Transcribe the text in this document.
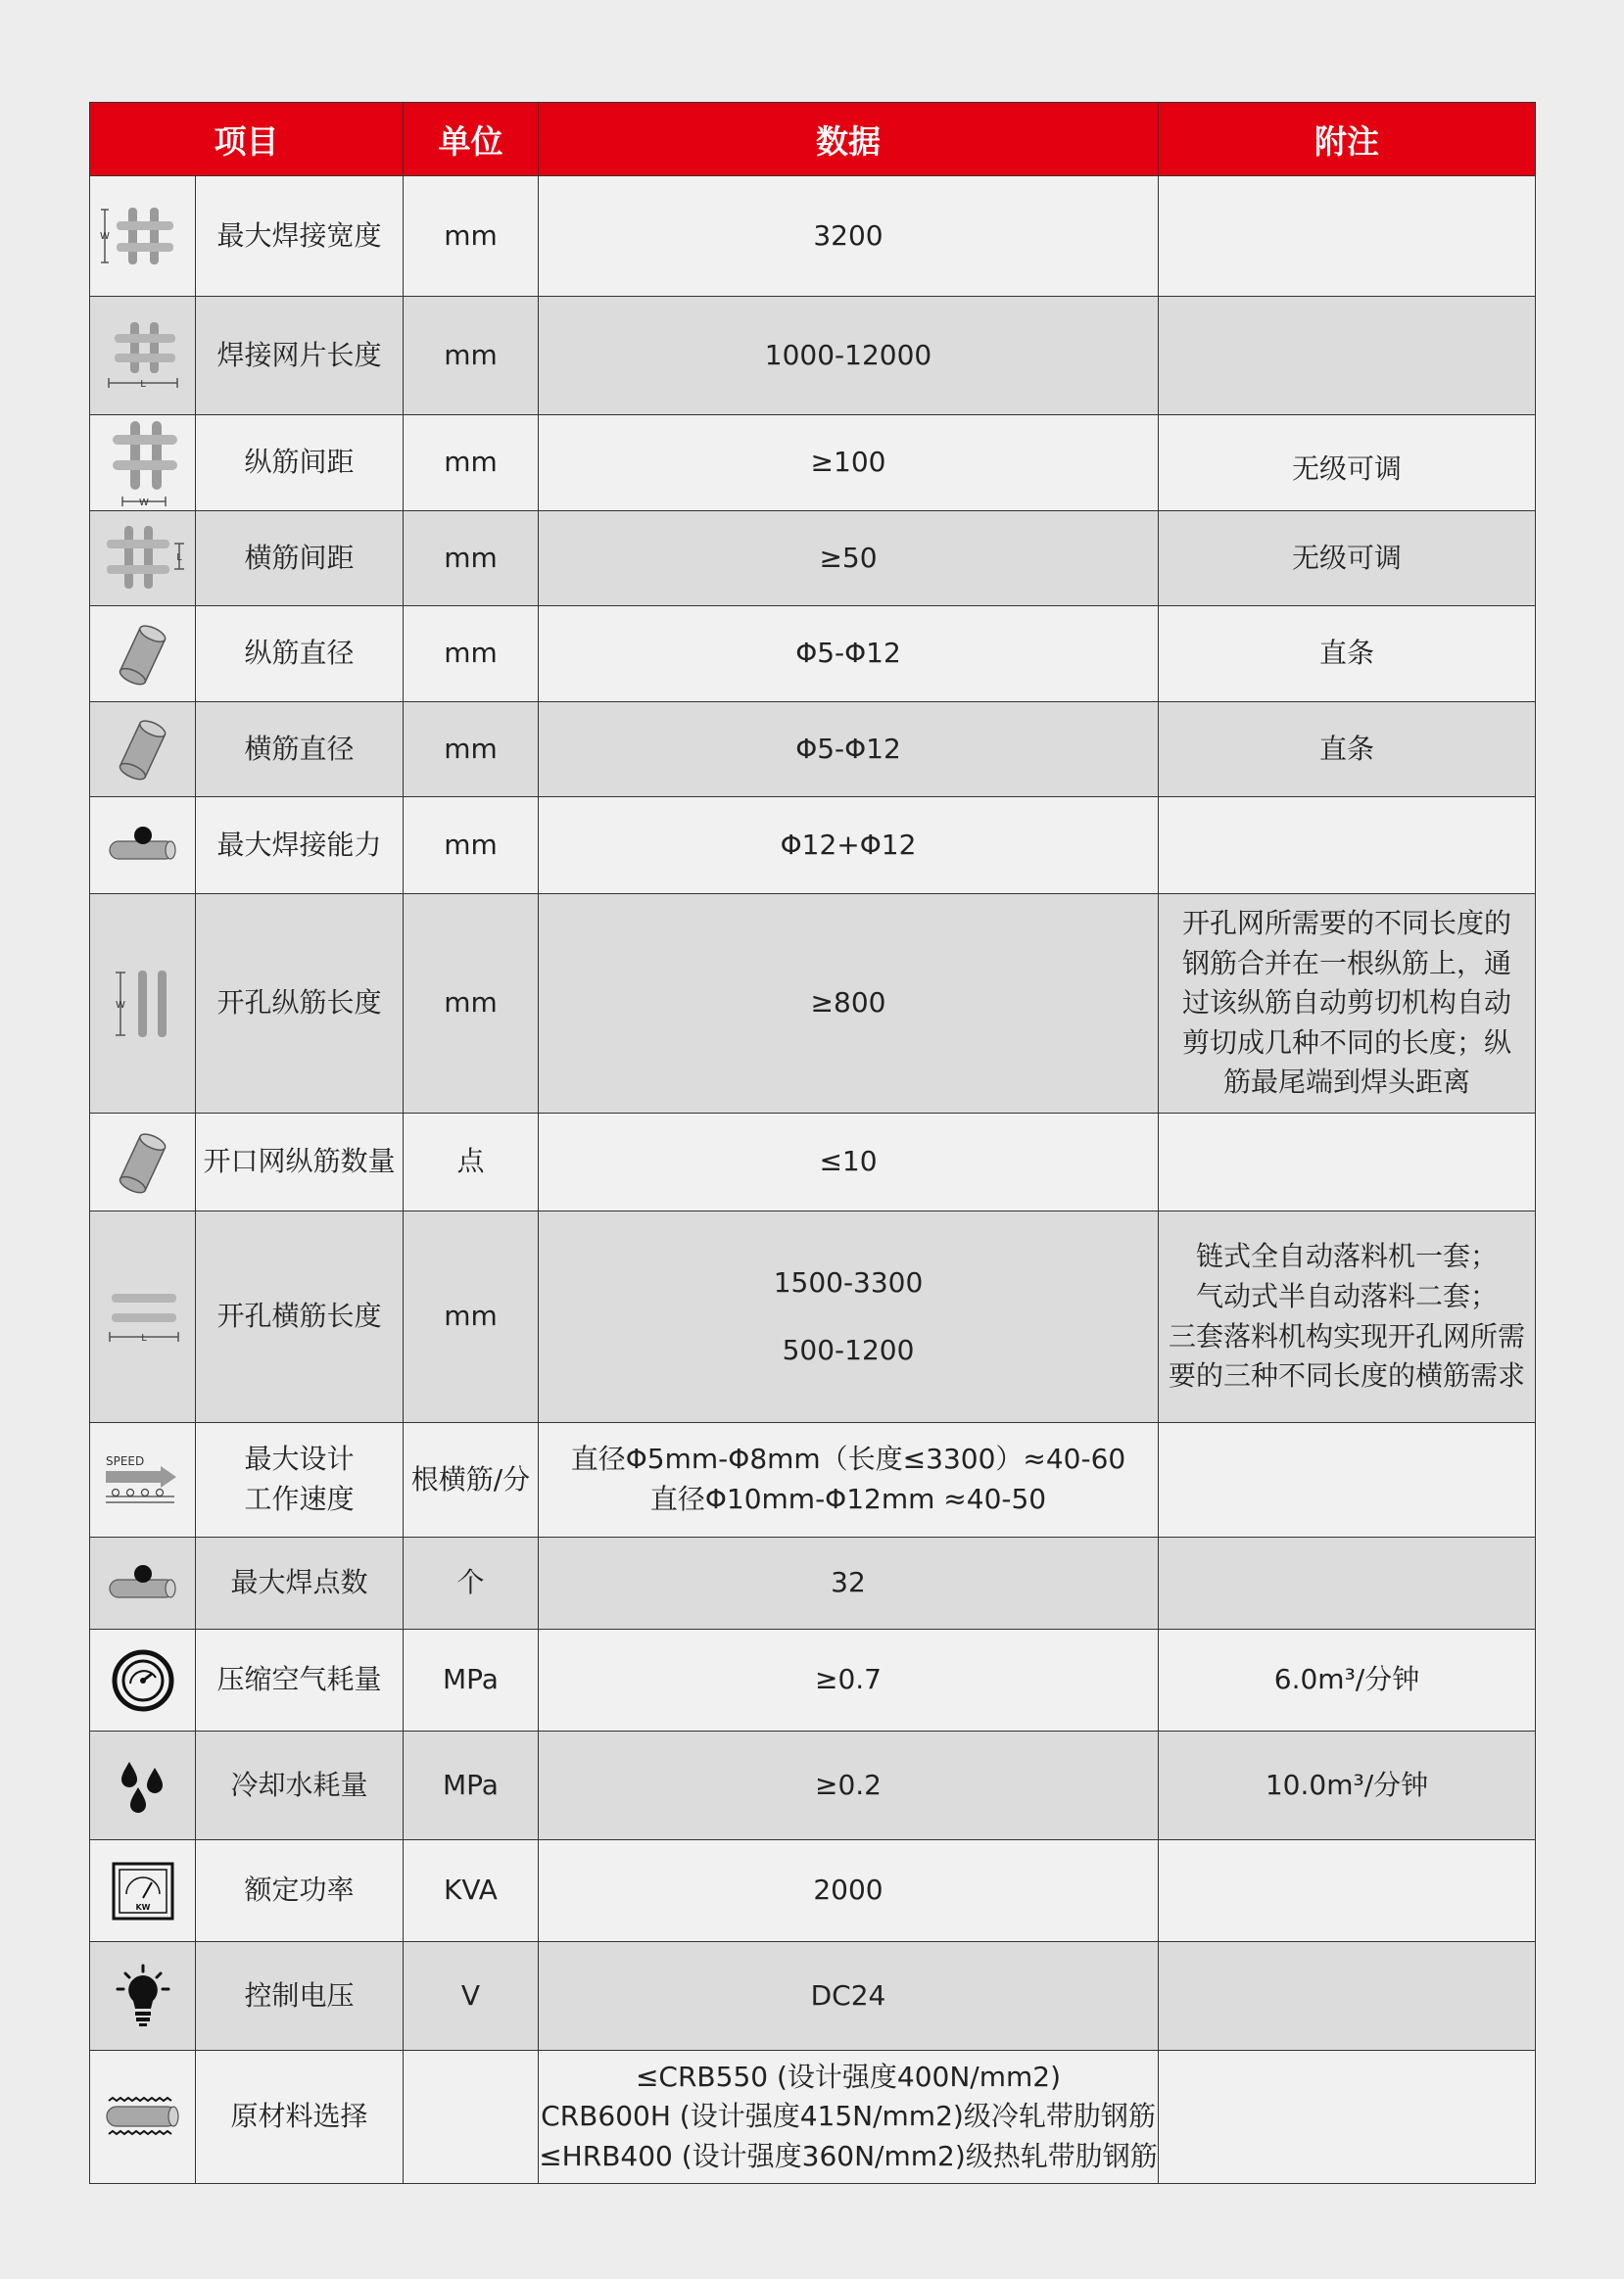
项目		单位	数据	附注

W	最大焊接宽度	mm	3200	

L	焊接网片长度	mm	1000-12000	

W	纵筋间距	mm	≥100	无级可调

L	横筋间距	mm	≥50	无级可调

	纵筋直径	mm	Φ5-Φ12	直条

	横筋直径	mm	Φ5-Φ12	直条

	最大焊接能力	mm	Φ12+Φ12	

W	开孔纵筋长度	mm	≥800	开孔网所需要的不同长度的
钢筋合并在一根纵筋上，通
过该纵筋自动剪切机构自动
剪切成几种不同的长度；纵
筋最尾端到焊头距离

	开口网纵筋数量	点	≤10	

L	开孔横筋长度	mm	1500-3300
500-1200	链式全自动落料机一套；
气动式半自动落料二套；
三套落料机构实现开孔网所需
要的三种不同长度的横筋需求

SPEED	最大设计
工作速度	根横筋/分	直径Φ5mm-Φ8mm（长度≤3300）≈40-60
直径Φ10mm-Φ12mm ≈40-50	

	最大焊点数	个	32	

	压缩空气耗量	MPa	≥0.7	6.0m³/分钟

	冷却水耗量	MPa	≥0.2	10.0m³/分钟

KW	额定功率	KVA	2000	

	控制电压	V	DC24	

	原材料选择		≤CRB550 (设计强度400N/mm2)
CRB600H (设计强度415N/mm2)级冷轧带肋钢筋
≤HRB400 (设计强度360N/mm2)级热轧带肋钢筋	
